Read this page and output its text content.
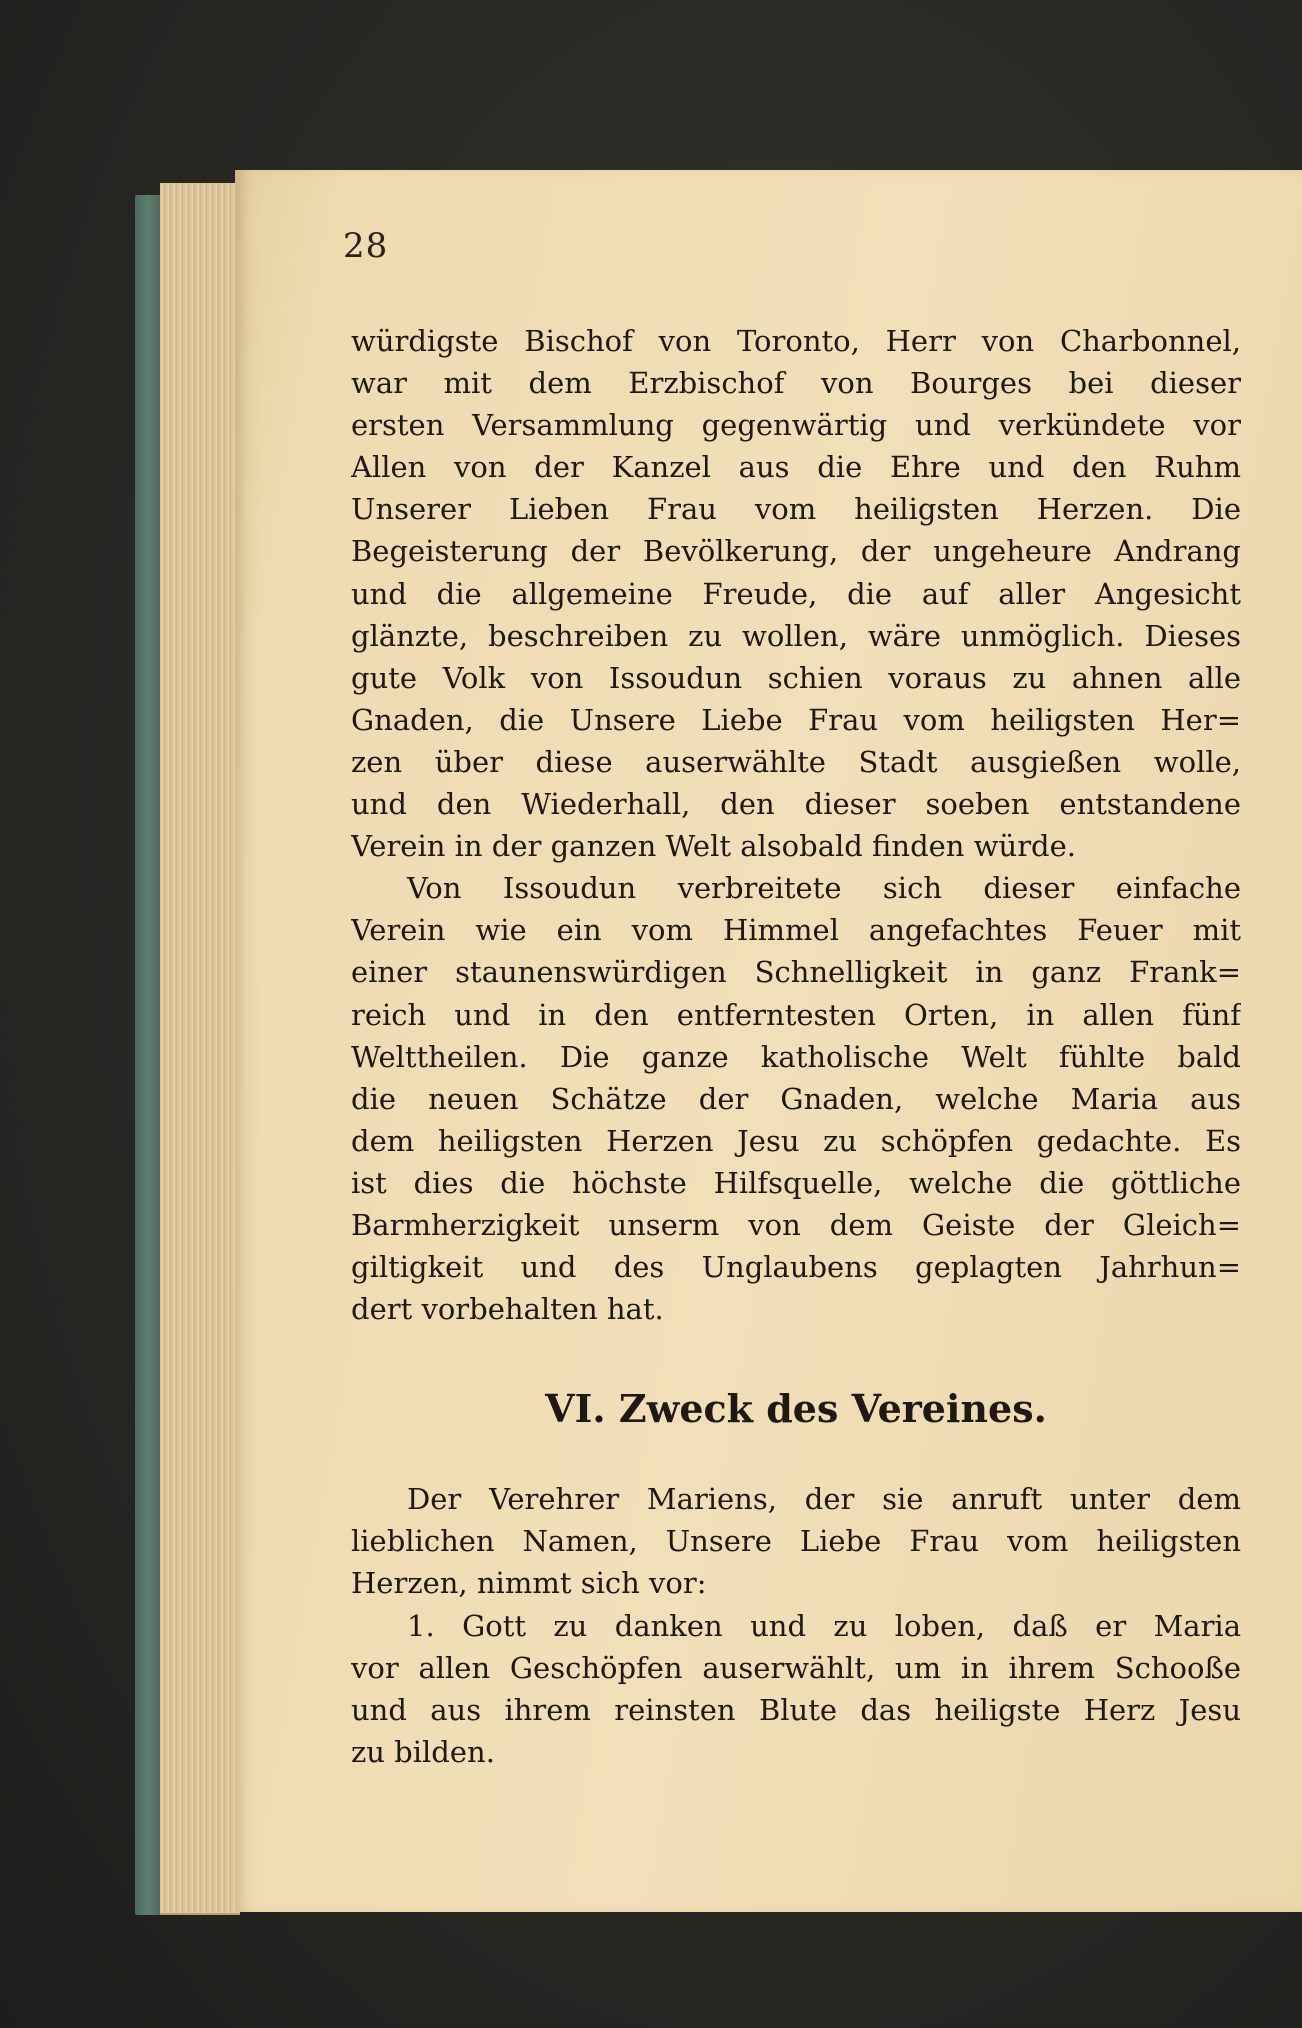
28
würdigste Bischof von Toronto, Herr von Charbonnel,
war mit dem Erzbischof von Bourges bei dieser
ersten Versammlung gegenwärtig und verkündete vor
Allen von der Kanzel aus die Ehre und den Ruhm
Unserer Lieben Frau vom heiligsten Herzen. Die
Begeisterung der Bevölkerung, der ungeheure Andrang
und die allgemeine Freude, die auf aller Angesicht
glänzte, beschreiben zu wollen, wäre unmöglich. Dieses
gute Volk von Issoudun schien voraus zu ahnen alle
Gnaden, die Unsere Liebe Frau vom heiligsten Her=
zen über diese auserwählte Stadt ausgießen wolle,
und den Wiederhall, den dieser soeben entstandene
Verein in der ganzen Welt alsobald finden würde.
Von Issoudun verbreitete sich dieser einfache
Verein wie ein vom Himmel angefachtes Feuer mit
einer staunenswürdigen Schnelligkeit in ganz Frank=
reich und in den entferntesten Orten, in allen fünf
Welttheilen. Die ganze katholische Welt fühlte bald
die neuen Schätze der Gnaden, welche Maria aus
dem heiligsten Herzen Jesu zu schöpfen gedachte. Es
ist dies die höchste Hilfsquelle, welche die göttliche
Barmherzigkeit unserm von dem Geiste der Gleich=
giltigkeit und des Unglaubens geplagten Jahrhun=
dert vorbehalten hat.
VI. Zweck des Vereines.
Der Verehrer Mariens, der sie anruft unter dem
lieblichen Namen, Unsere Liebe Frau vom heiligsten
Herzen, nimmt sich vor:
1. Gott zu danken und zu loben, daß er Maria
vor allen Geschöpfen auserwählt, um in ihrem Schooße
und aus ihrem reinsten Blute das heiligste Herz Jesu
zu bilden.
